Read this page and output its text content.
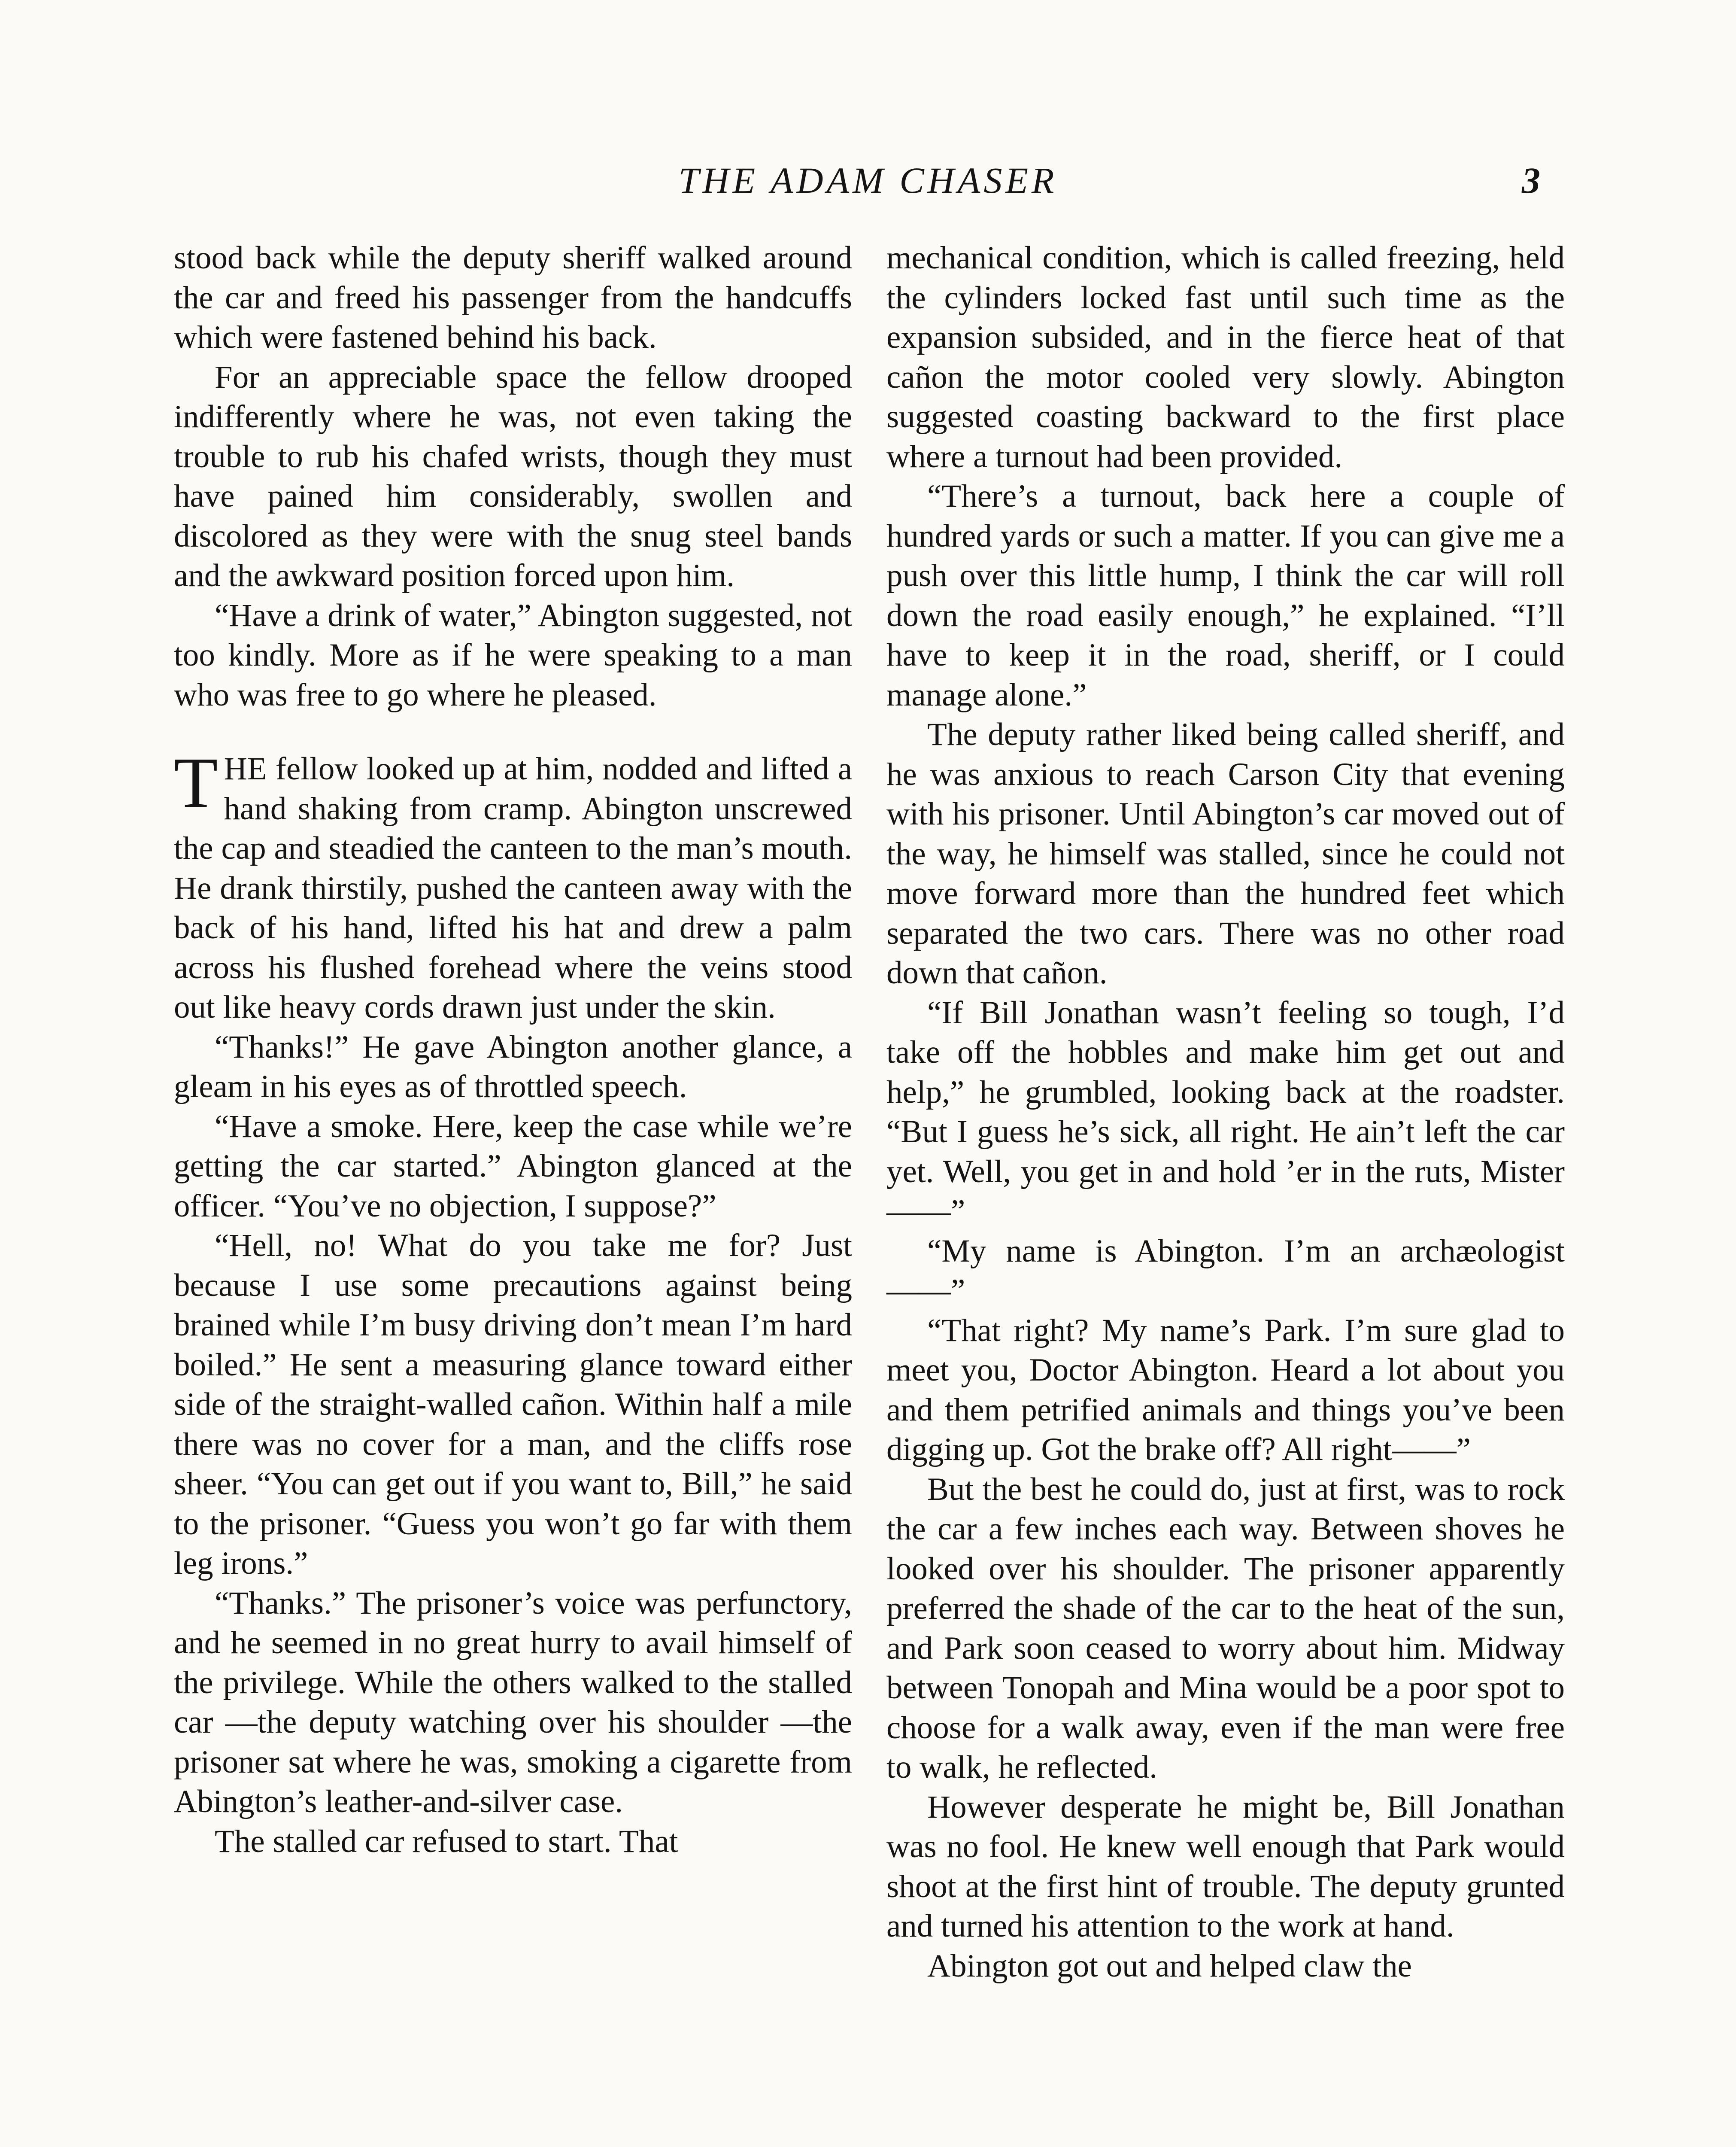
THE ADAM CHASER	3

stood back while the deputy sheriff walked around the car and freed his passenger from the handcuffs which were fastened behind his back.

For an appreciable space the fellow drooped indifferently where he was, not even taking the trouble to rub his chafed wrists, though they must have pained him considerably, swollen and discolored as they were with the snug steel bands and the awkward position forced upon him.

“Have a drink of water,” Abington suggested, not too kindly. More as if he were speaking to a man who was free to go where he pleased.

THE fellow looked up at him, nodded and lifted a hand shaking from cramp. Abington unscrewed the cap and steadied the canteen to the man’s mouth. He drank thirstily, pushed the canteen away with the back of his hand, lifted his hat and drew a palm across his flushed forehead where the veins stood out like heavy cords drawn just under the skin.

“Thanks!” He gave Abington another glance, a gleam in his eyes as of throttled speech.

“Have a smoke. Here, keep the case while we’re getting the car started.” Abington glanced at the officer. “You’ve no objection, I suppose?”

“Hell, no! What do you take me for? Just because I use some precautions against being brained while I’m busy driving don’t mean I’m hard boiled.” He sent a measuring glance toward either side of the straight-walled cañon. Within half a mile there was no cover for a man, and the cliffs rose sheer. “You can get out if you want to, Bill,” he said to the prisoner. “Guess you won’t go far with them leg irons.”

“Thanks.” The prisoner’s voice was perfunctory, and he seemed in no great hurry to avail himself of the privilege. While the others walked to the stalled car —the deputy watching over his shoulder —the prisoner sat where he was, smoking a cigarette from Abington’s leather-and-silver case.

The stalled car refused to start. That

mechanical condition, which is called freezing, held the cylinders locked fast until such time as the expansion subsided, and in the fierce heat of that cañon the motor cooled very slowly. Abington suggested coasting backward to the first place where a turnout had been provided.

“There’s a turnout, back here a couple of hundred yards or such a matter. If you can give me a push over this little hump, I think the car will roll down the road easily enough,” he explained. “I’ll have to keep it in the road, sheriff, or I could manage alone.”

The deputy rather liked being called sheriff, and he was anxious to reach Carson City that evening with his prisoner. Until Abington’s car moved out of the way, he himself was stalled, since he could not move forward more than the hundred feet which separated the two cars. There was no other road down that cañon.

“If Bill Jonathan wasn’t feeling so tough, I’d take off the hobbles and make him get out and help,” he grumbled, looking back at the roadster. “But I guess he’s sick, all right. He ain’t left the car yet. Well, you get in and hold ’er in the ruts, Mister——”

“My name is Abington. I’m an archæologist——”

“That right? My name’s Park. I’m sure glad to meet you, Doctor Abington. Heard a lot about you and them petrified animals and things you’ve been digging up. Got the brake off? All right——”

But the best he could do, just at first, was to rock the car a few inches each way. Between shoves he looked over his shoulder. The prisoner apparently preferred the shade of the car to the heat of the sun, and Park soon ceased to worry about him. Midway between Tonopah and Mina would be a poor spot to choose for a walk away, even if the man were free to walk, he reflected.

However desperate he might be, Bill Jonathan was no fool. He knew well enough that Park would shoot at the first hint of trouble. The deputy grunted and turned his attention to the work at hand.

Abington got out and helped claw the
